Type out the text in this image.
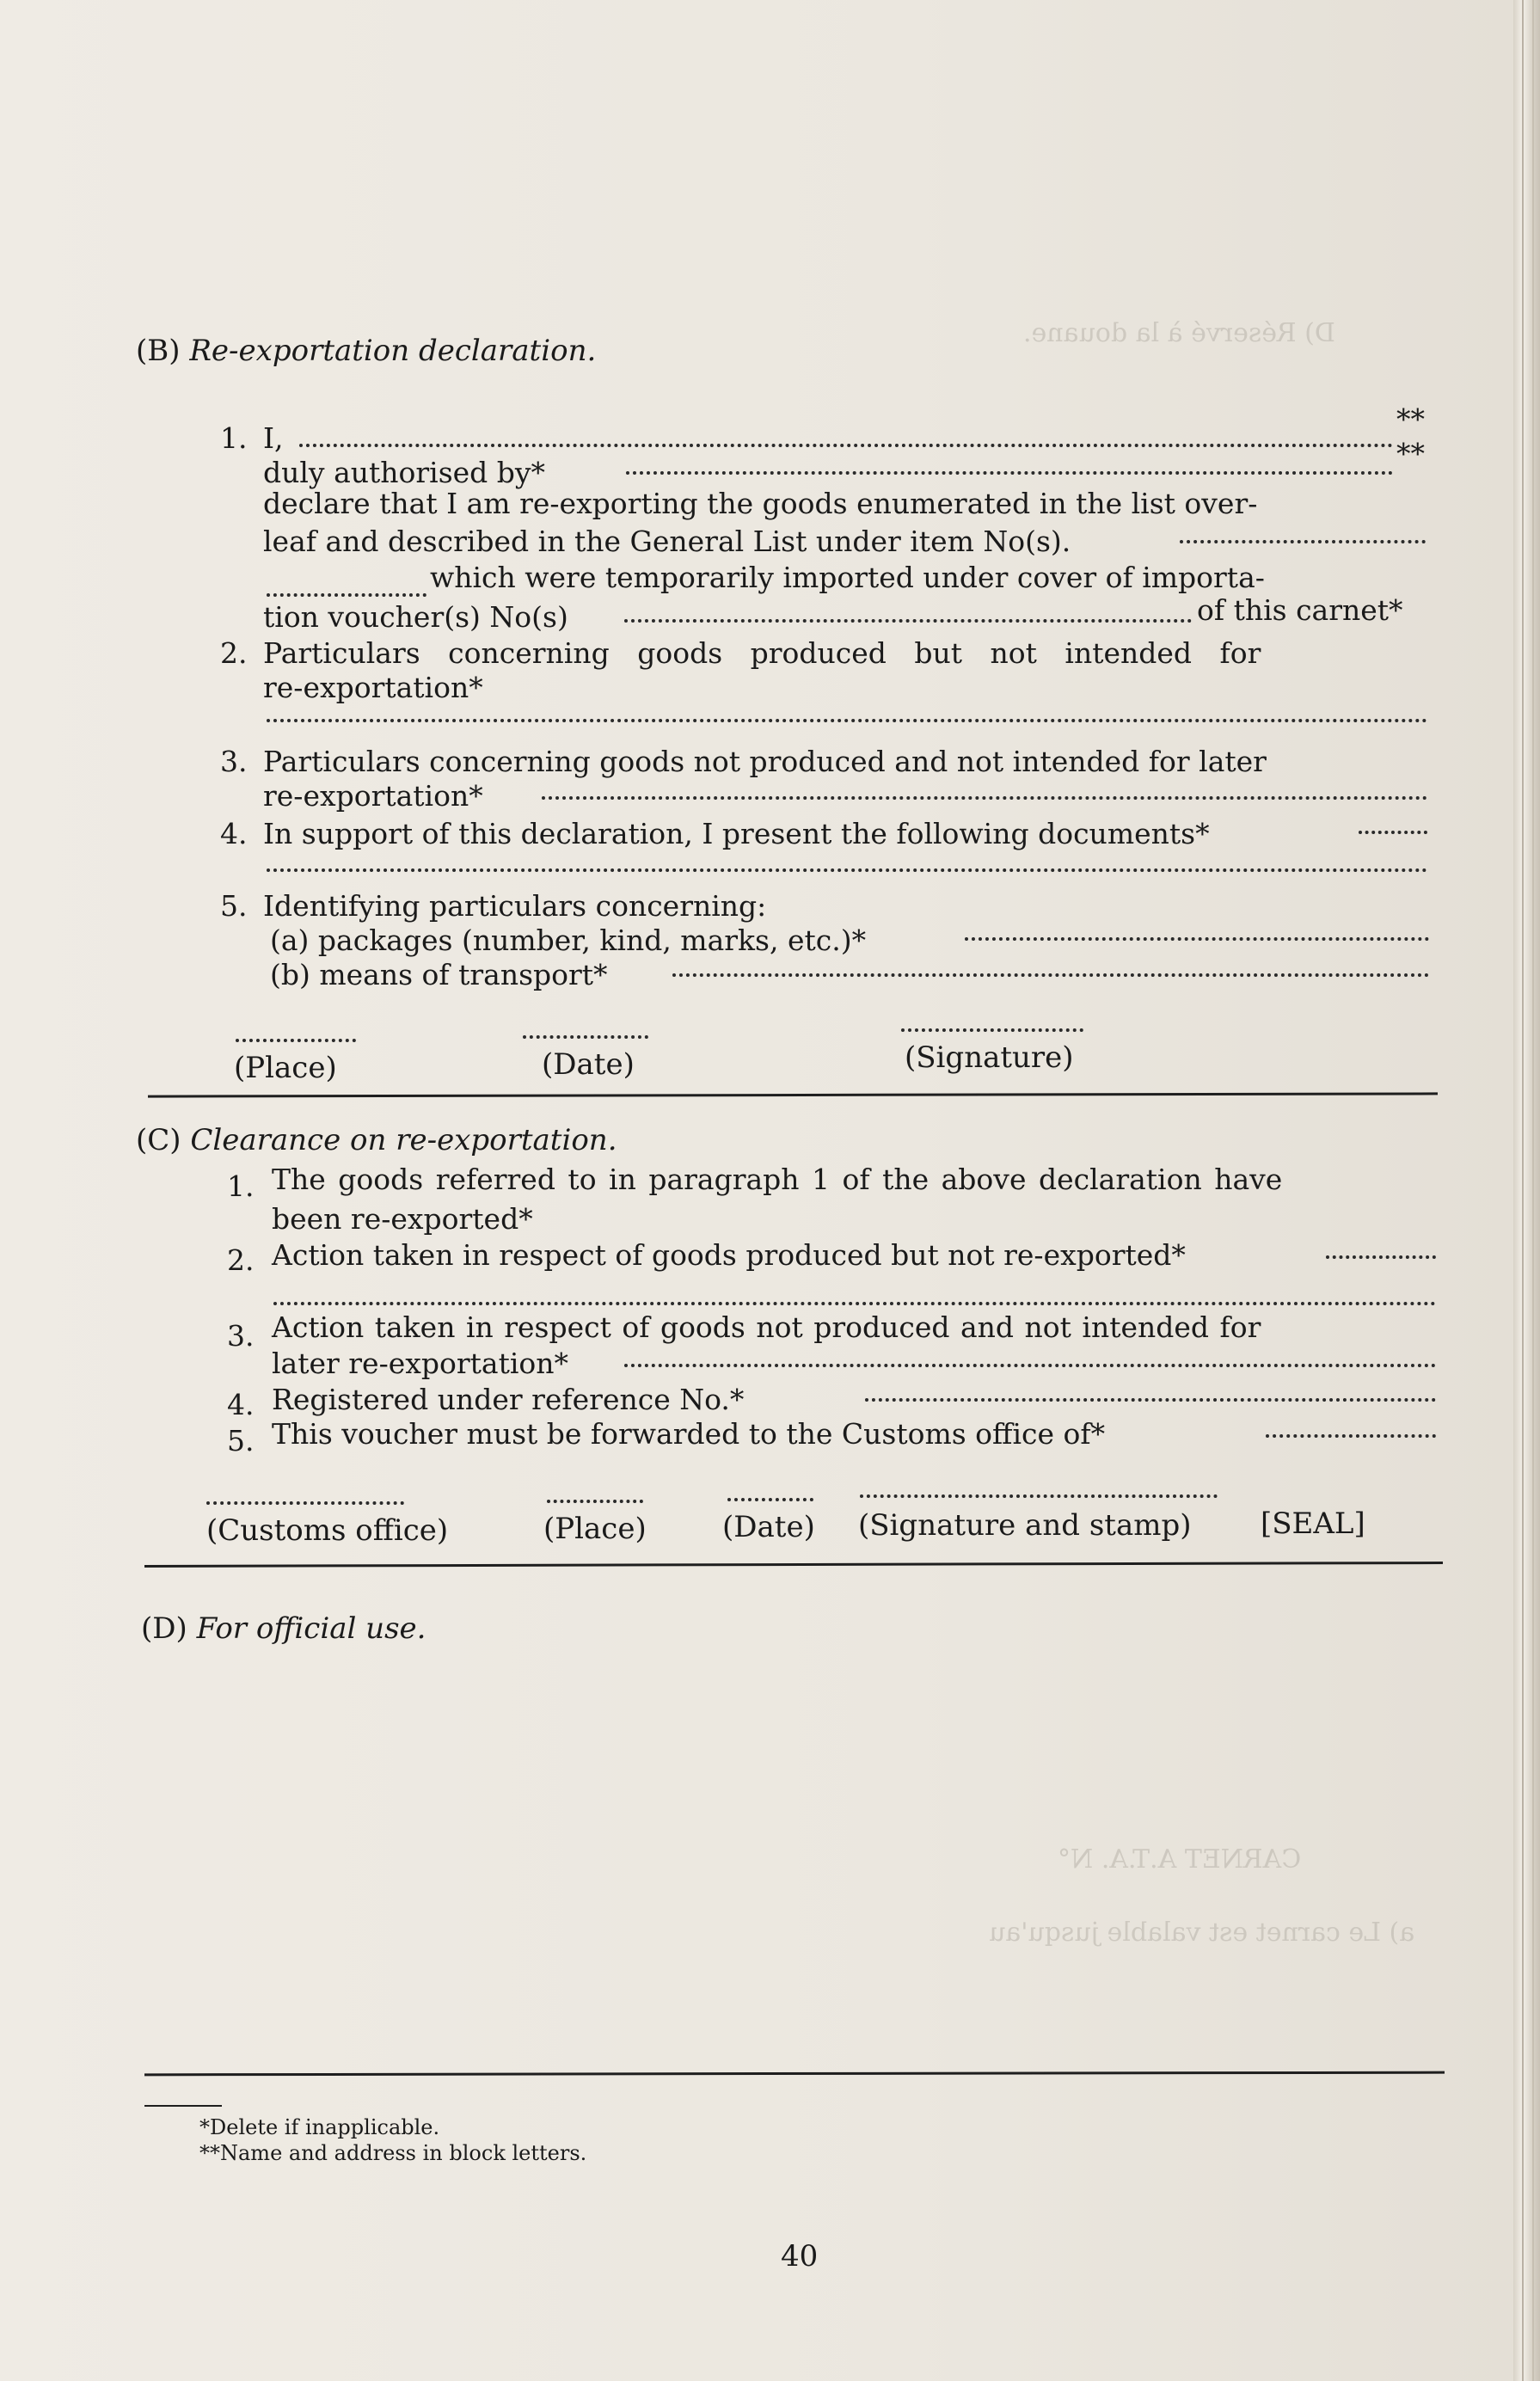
D) Réservé à la douane.
CARNET A.T.A. N°
a) Le carnet est valable jusqu'au
(B) Re-exportation declaration.
1. I,
**
duly authorised by*
**
declare that I am re-exporting the goods enumerated in the list over-
leaf and described in the General List under item No(s).
which were temporarily imported under cover of importa-
tion voucher(s) No(s)	of this carnet*
2. Particulars concerning goods produced but not intended for
re-exportation*
3. Particulars concerning goods not produced and not intended for later
re-exportation*
4. In support of this declaration, I present the following documents*
5. Identifying particulars concerning:
(a) packages (number, kind, marks, etc.)*
(b) means of transport*
(Place)	(Date)	(Signature)
(C) Clearance on re-exportation.
1. The goods referred to in paragraph 1 of the above declaration have
been re-exported*
2. Action taken in respect of goods produced but not re-exported*
3. Action taken in respect of goods not produced and not intended for
later re-exportation*
4. Registered under reference No.*
5. This voucher must be forwarded to the Customs office of*
(Customs office)	(Place)	(Date) (Signature and stamp) [SEAL]
(D) For official use.
*Delete if inapplicable.
**Name and address in block letters.
40
